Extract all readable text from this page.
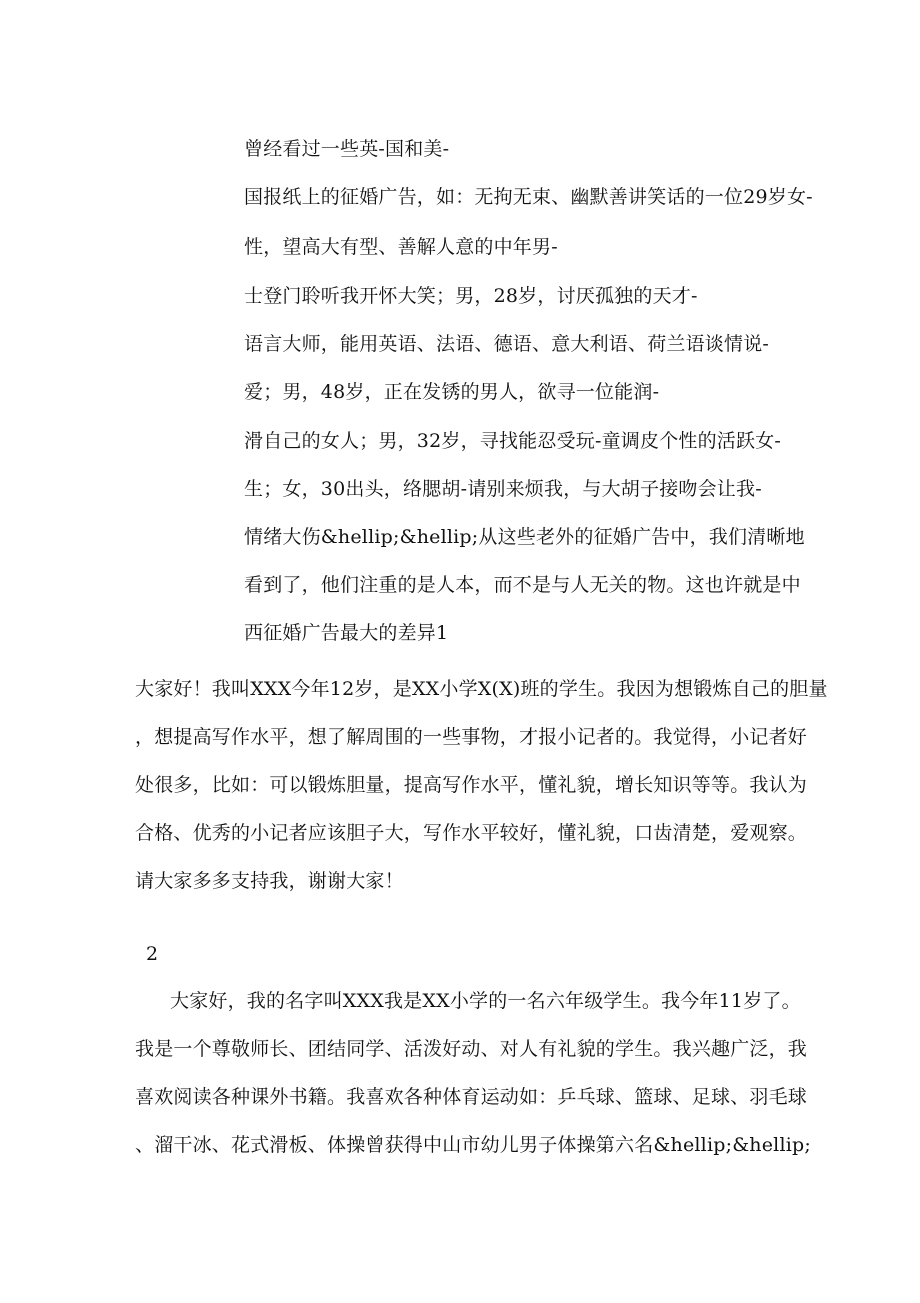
曾经看过一些英-国和美-
国报纸上的征婚广告，如：无拘无束、幽默善讲笑话的一位29岁女-
性，望高大有型、善解人意的中年男-
士登门聆听我开怀大笑；男，28岁，讨厌孤独的天才-
语言大师，能用英语、法语、德语、意大利语、荷兰语谈情说-
爱；男，48岁，正在发锈的男人，欲寻一位能润-
滑自己的女人；男，32岁，寻找能忍受玩-童调皮个性的活跃女-
生；女，30出头，络腮胡-请别来烦我，与大胡子接吻会让我-
情绪大伤&hellip;&hellip;从这些老外的征婚广告中，我们清晰地
看到了，他们注重的是人本，而不是与人无关的物。这也许就是中
西征婚广告最大的差异1
大家好！我叫XXX今年12岁，是XX小学X(X)班的学生。我因为想锻炼自己的胆量
，想提高写作水平，想了解周围的一些事物，才报小记者的。我觉得，小记者好
处很多，比如：可以锻炼胆量，提高写作水平，懂礼貌，增长知识等等。我认为
合格、优秀的小记者应该胆子大，写作水平较好，懂礼貌，口齿清楚，爱观察。
请大家多多支持我，谢谢大家！
2
大家好，我的名字叫XXX我是XX小学的一名六年级学生。我今年11岁了。
我是一个尊敬师长、团结同学、活泼好动、对人有礼貌的学生。我兴趣广泛，我
喜欢阅读各种课外书籍。我喜欢各种体育运动如：乒乓球、篮球、足球、羽毛球
、溜干冰、花式滑板、体操曾获得中山市幼儿男子体操第六名&hellip;&hellip;
